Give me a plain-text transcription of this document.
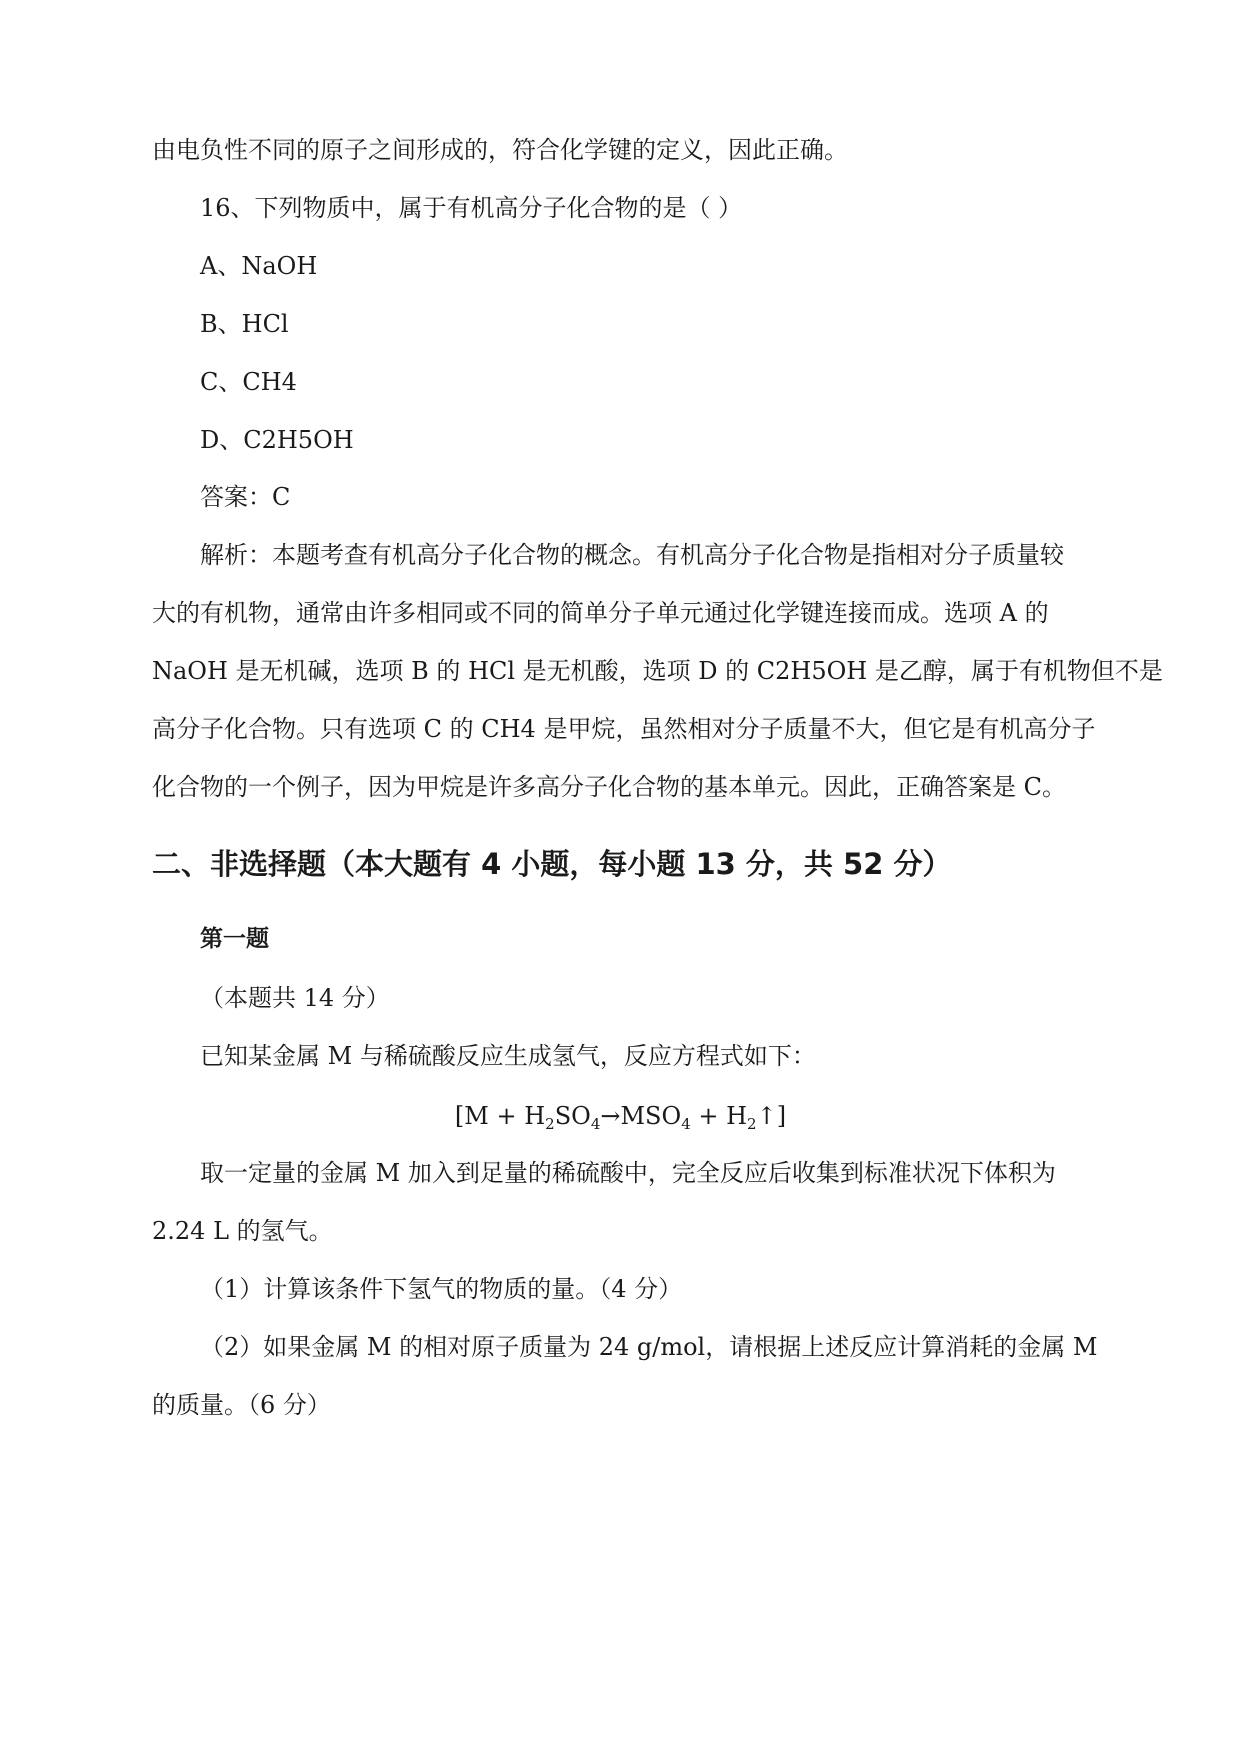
由电负性不同的原子之间形成的，符合化学键的定义，因此正确。
16、下列物质中，属于有机高分子化合物的是（ ）
A、NaOH
B、HCl
C、CH4
D、C2H5OH
答案：C
解析：本题考查有机高分子化合物的概念。有机高分子化合物是指相对分子质量较
大的有机物，通常由许多相同或不同的简单分子单元通过化学键连接而成。选项 A 的
NaOH 是无机碱，选项 B 的 HCl 是无机酸，选项 D 的 C2H5OH 是乙醇，属于有机物但不是
高分子化合物。只有选项 C 的 CH4 是甲烷，虽然相对分子质量不大，但它是有机高分子
化合物的一个例子，因为甲烷是许多高分子化合物的基本单元。因此，正确答案是 C。
二、非选择题（本大题有 4 小题，每小题 13 分，共 52 分）
第一题
（本题共 14 分）
已知某金属 M 与稀硫酸反应生成氢气，反应方程式如下：
[$M + H_2SO_4\to MSO_4$ + $H_2↑$]
取一定量的金属 M 加入到足量的稀硫酸中，完全反应后收集到标准状况下体积为
2.24 L 的氢气。
（1）计算该条件下氢气的物质的量。（4 分）
（2）如果金属 M 的相对原子质量为 24 g/mol，请根据上述反应计算消耗的金属 M
的质量。（6 分）
